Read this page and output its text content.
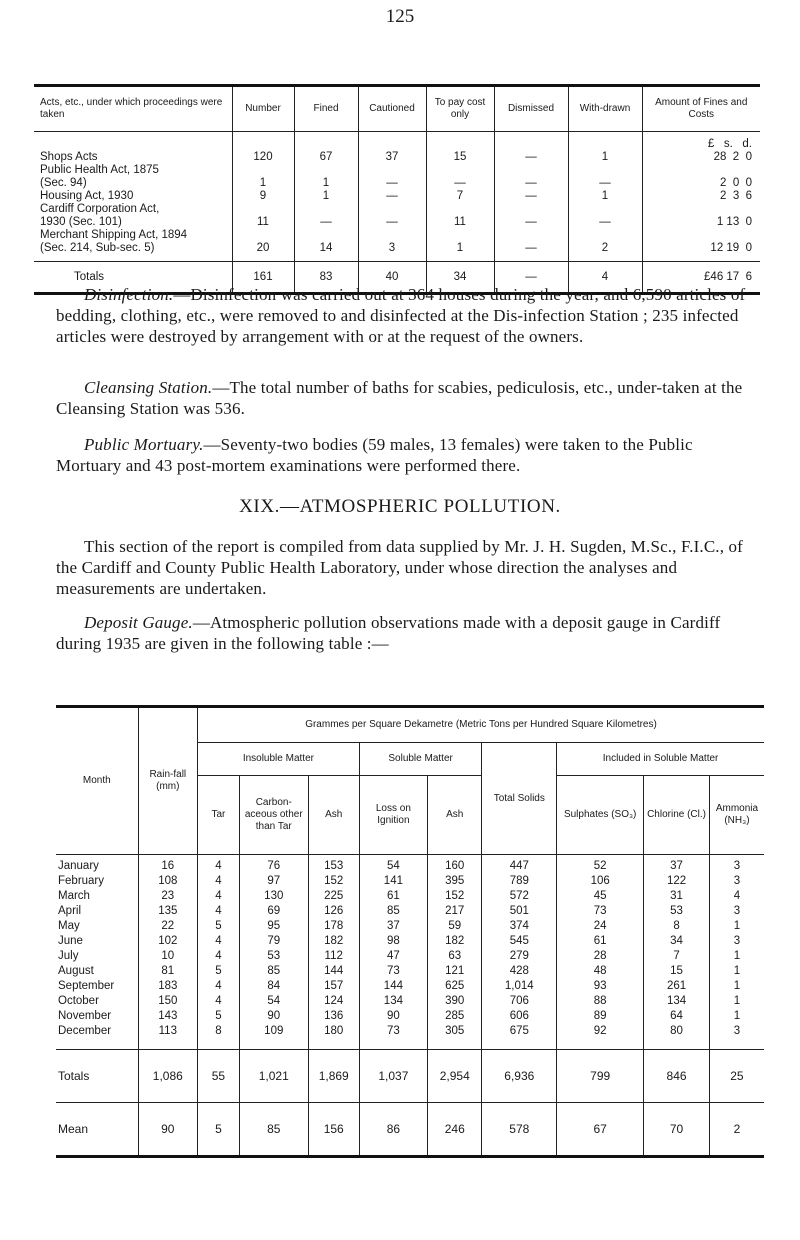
125
Acts, etc., under which proceedings were taken	Number	Fined	Cautioned	To pay cost only	Dismissed	With-drawn	Amount of Fines and Costs
							£   s.   d.
Shops Acts	120	67	37	15	—	1	28  2  0
Public Health Act, 1875							
(Sec. 94)	1	1	—	—	—	—	2  0  0
Housing Act, 1930	9	1	—	7	—	1	2  3  6
Cardiff Corporation Act,							
1930 (Sec. 101)	11	—	—	11	—	—	1 13  0
Merchant Shipping Act, 1894							
(Sec. 214, Sub-sec. 5)	20	14	3	1	—	2	12 19  0
Totals	161	83	40	34	—	4	£46 17  6
Disinfection.—Disinfection was carried out at 364 houses during the year, and 6,590 articles of bedding, clothing, etc., were removed to and disinfected at the Dis-infection Station ; 235 infected articles were destroyed by arrangement with or at the request of the owners.
Cleansing Station.—The total number of baths for scabies, pediculosis, etc., under-taken at the Cleansing Station was 536.
Public Mortuary.—Seventy-two bodies (59 males, 13 females) were taken to the Public Mortuary and 43 post-mortem examinations were performed there.
XIX.—ATMOSPHERIC POLLUTION.
This section of the report is compiled from data supplied by Mr. J. H. Sugden, M.Sc., F.I.C., of the Cardiff and County Public Health Laboratory, under whose direction the analyses and measurements are undertaken.
Deposit Gauge.—Atmospheric pollution observations made with a deposit gauge in Cardiff during 1935 are given in the following table :—
Month	Rain-fall (mm)	Grammes per Square Dekametre (Metric Tons per Hundred Square Kilometres)								
		Insoluble Matter			Soluble Matter		Total Solids	Included in Soluble Matter		
		Tar	Carbon-aceous other than Tar	Ash	Loss on Ignition	Ash		Sulphates (SO₃)	Chlorine (Cl.)	Ammonia (NH₃)
January	16	4	76	153	54	160	447	52	37	3
February	108	4	97	152	141	395	789	106	122	3
March	23	4	130	225	61	152	572	45	31	4
April	135	4	69	126	85	217	501	73	53	3
May	22	5	95	178	37	59	374	24	8	1
June	102	4	79	182	98	182	545	61	34	3
July	10	4	53	112	47	63	279	28	7	1
August	81	5	85	144	73	121	428	48	15	1
September	183	4	84	157	144	625	1,014	93	261	1
October	150	4	54	124	134	390	706	88	134	1
November	143	5	90	136	90	285	606	89	64	1
December	113	8	109	180	73	305	675	92	80	3
Totals	1,086	55	1,021	1,869	1,037	2,954	6,936	799	846	25
Mean	90	5	85	156	86	246	578	67	70	2
